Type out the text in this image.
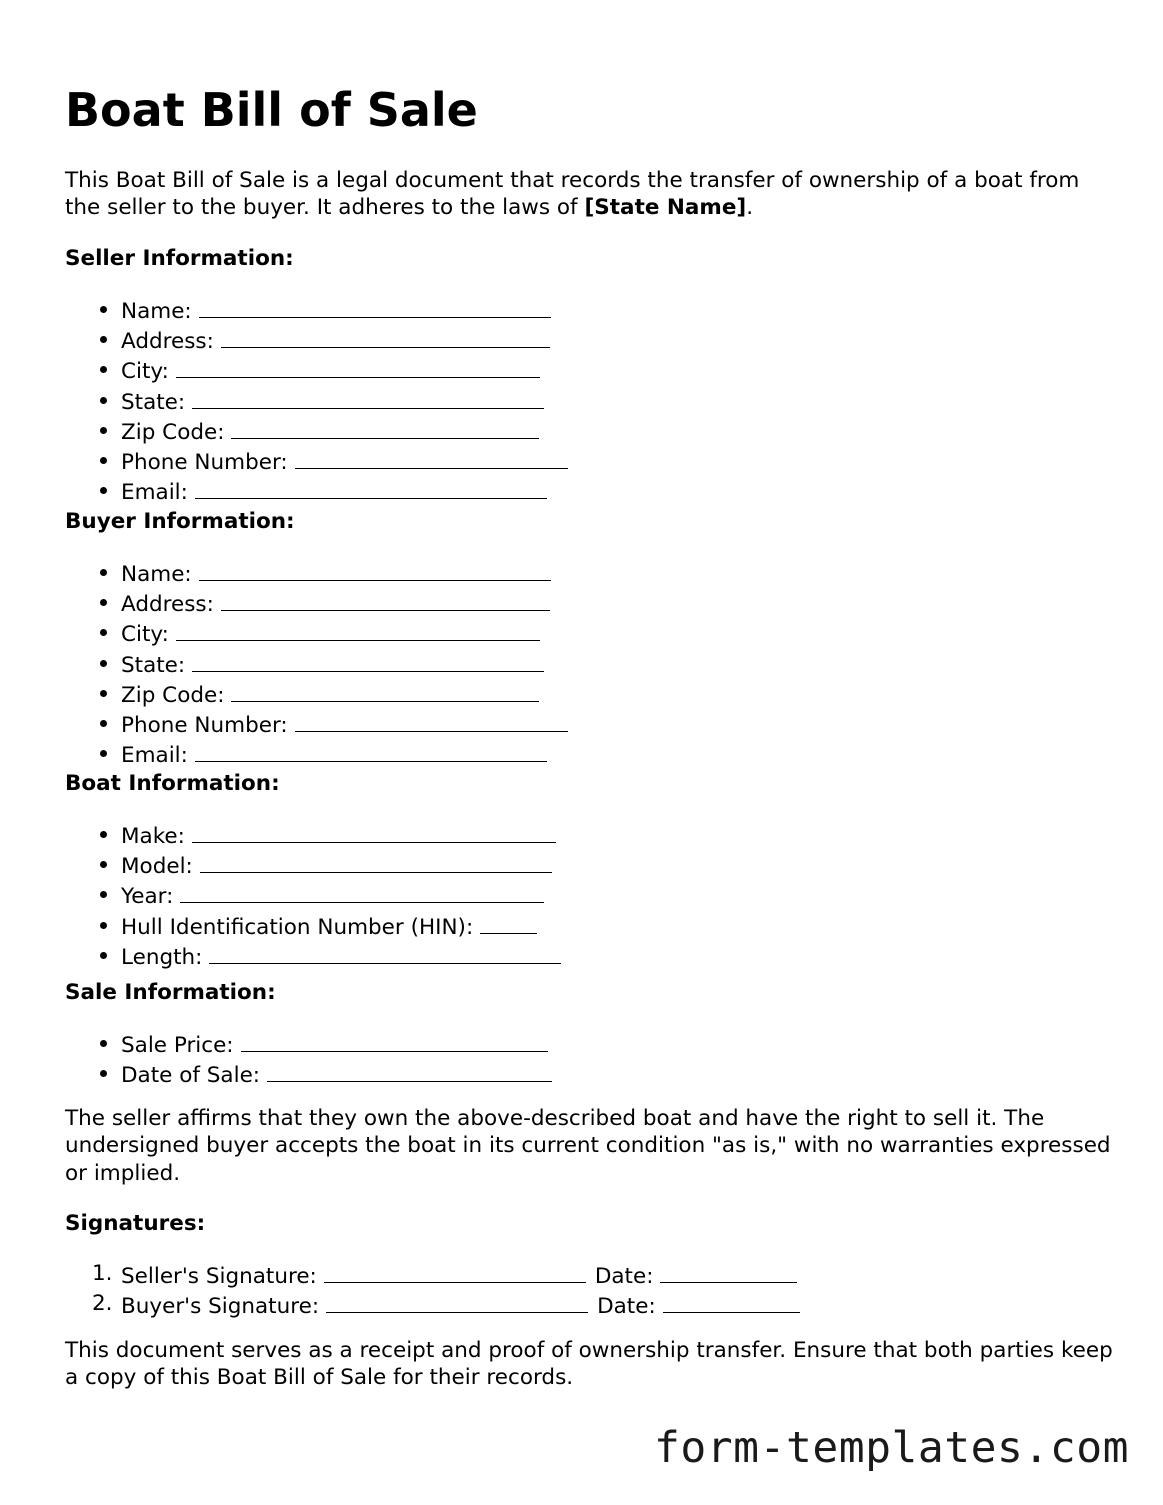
Boat Bill of Sale

This Boat Bill of Sale is a legal document that records the transfer of ownership of a boat from the seller to the buyer. It adheres to the laws of [State Name].

Seller Information:

Name:
Address:
City:
State:
Zip Code:
Phone Number:
Email:

Buyer Information:

Name:
Address:
City:
State:
Zip Code:
Phone Number:
Email:

Boat Information:

Make:
Model:
Year:
Hull Identification Number (HIN):
Length:

Sale Information:

Sale Price:
Date of Sale:

The seller affirms that they own the above-described boat and have the right to sell it. The undersigned buyer accepts the boat in its current condition "as is," with no warranties expressed or implied.

Signatures:

1. Seller's Signature:	Date:
2. Buyer's Signature:	Date:

This document serves as a receipt and proof of ownership transfer. Ensure that both parties keep a copy of this Boat Bill of Sale for their records.

form-templates.com
